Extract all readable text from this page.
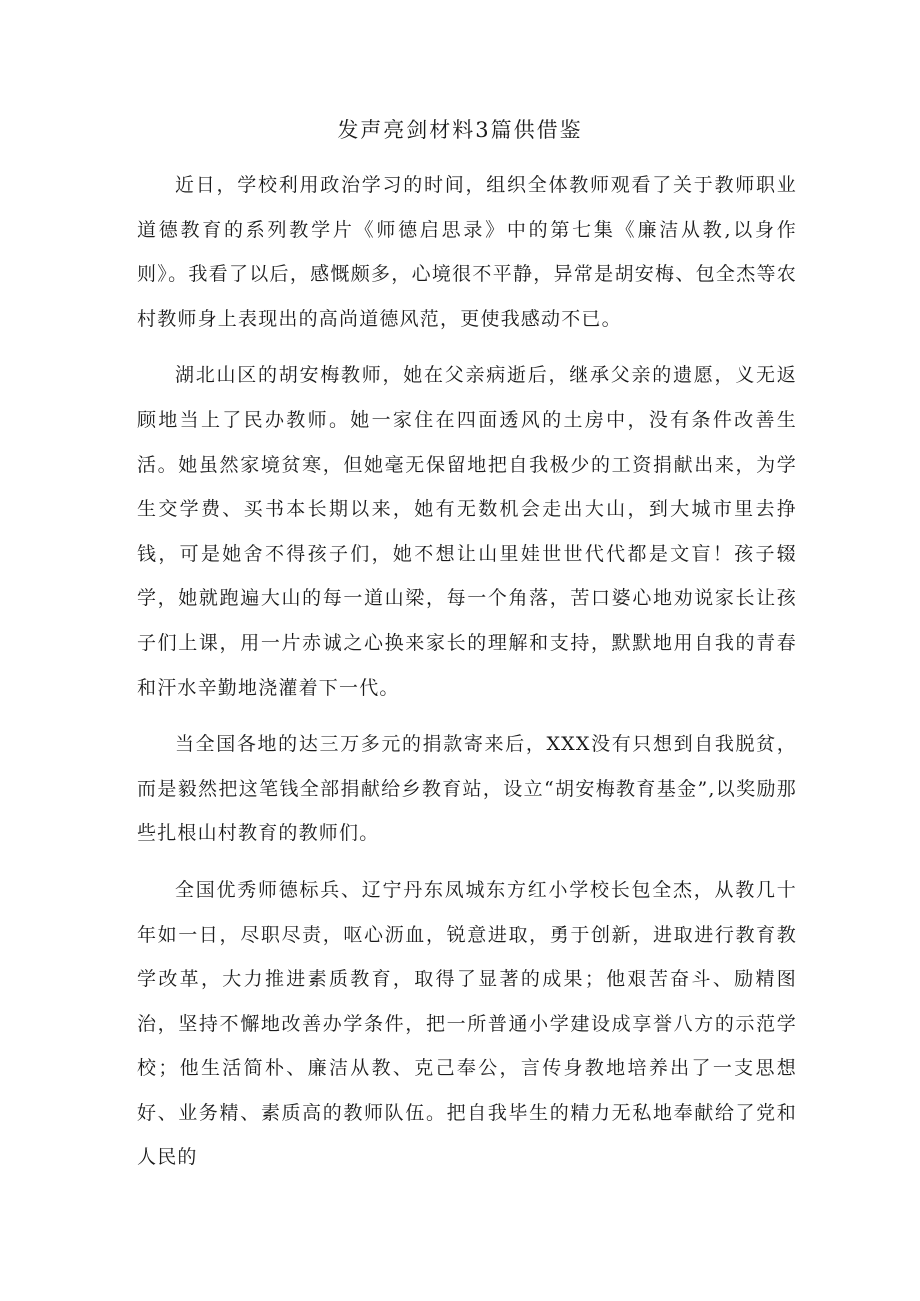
发声亮剑材料3篇供借鉴

近日，学校利用政治学习的时间，组织全体教师观看了关于教师职业道德教育的系列教学片《师德启思录》中的第七集《廉洁从教,以身作则》。我看了以后，感慨颇多，心境很不平静，异常是胡安梅、包全杰等农村教师身上表现出的高尚道德风范，更使我感动不已。

湖北山区的胡安梅教师，她在父亲病逝后，继承父亲的遗愿，义无返顾地当上了民办教师。她一家住在四面透风的土房中，没有条件改善生活。她虽然家境贫寒，但她毫无保留地把自我极少的工资捐献出来，为学生交学费、买书本长期以来，她有无数机会走出大山，到大城市里去挣钱，可是她舍不得孩子们，她不想让山里娃世世代代都是文盲！孩子辍学，她就跑遍大山的每一道山梁，每一个角落，苦口婆心地劝说家长让孩子们上课，用一片赤诚之心换来家长的理解和支持，默默地用自我的青春和汗水辛勤地浇灌着下一代。

当全国各地的达三万多元的捐款寄来后，XXX没有只想到自我脱贫，而是毅然把这笔钱全部捐献给乡教育站，设立“胡安梅教育基金”,以奖励那些扎根山村教育的教师们。

全国优秀师德标兵、辽宁丹东凤城东方红小学校长包全杰，从教几十年如一日，尽职尽责，呕心沥血，锐意进取，勇于创新，进取进行教育教学改革，大力推进素质教育，取得了显著的成果；他艰苦奋斗、励精图治，坚持不懈地改善办学条件，把一所普通小学建设成享誉八方的示范学校；他生活简朴、廉洁从教、克己奉公，言传身教地培养出了一支思想好、业务精、素质高的教师队伍。把自我毕生的精力无私地奉献给了党和人民的
